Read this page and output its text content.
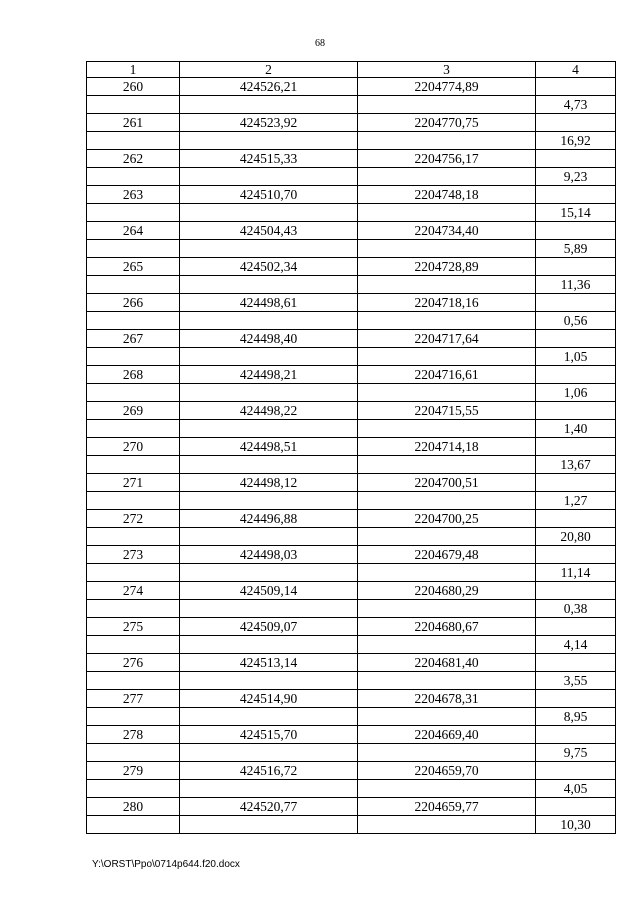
68
1	2	3	4
260	424526,21	2204774,89	
			4,73
261	424523,92	2204770,75	
			16,92
262	424515,33	2204756,17	
			9,23
263	424510,70	2204748,18	
			15,14
264	424504,43	2204734,40	
			5,89
265	424502,34	2204728,89	
			11,36
266	424498,61	2204718,16	
			0,56
267	424498,40	2204717,64	
			1,05
268	424498,21	2204716,61	
			1,06
269	424498,22	2204715,55	
			1,40
270	424498,51	2204714,18	
			13,67
271	424498,12	2204700,51	
			1,27
272	424496,88	2204700,25	
			20,80
273	424498,03	2204679,48	
			11,14
274	424509,14	2204680,29	
			0,38
275	424509,07	2204680,67	
			4,14
276	424513,14	2204681,40	
			3,55
277	424514,90	2204678,31	
			8,95
278	424515,70	2204669,40	
			9,75
279	424516,72	2204659,70	
			4,05
280	424520,77	2204659,77	
			10,30
Y:\ORST\Ppo\0714p644.f20.docx
